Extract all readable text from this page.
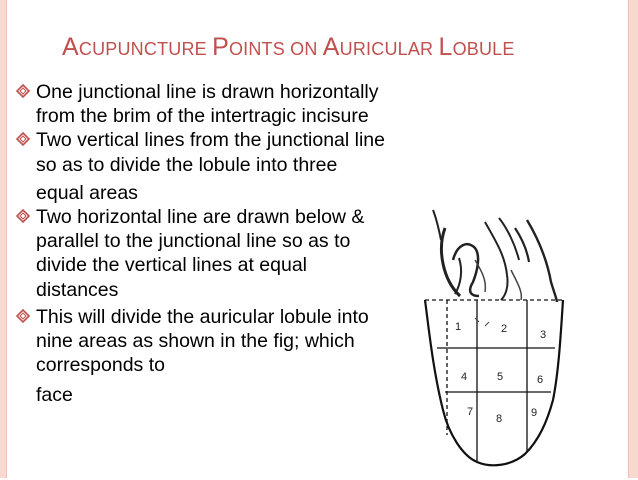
ACUPUNCTURE POINTS ON AURICULAR LOBULE
One junctional line is drawn horizontally
from the brim of the intertragic incisure
Two vertical lines from the junctional line
so as to divide the lobule into three
equal areas
Two horizontal line are drawn below &
parallel to the junctional line so as to
divide the vertical lines at equal
distances
This will divide the auricular lobule into
nine areas as shown in the fig; which
corresponds to
face
1	2	3
4	5	6
7
8	9
